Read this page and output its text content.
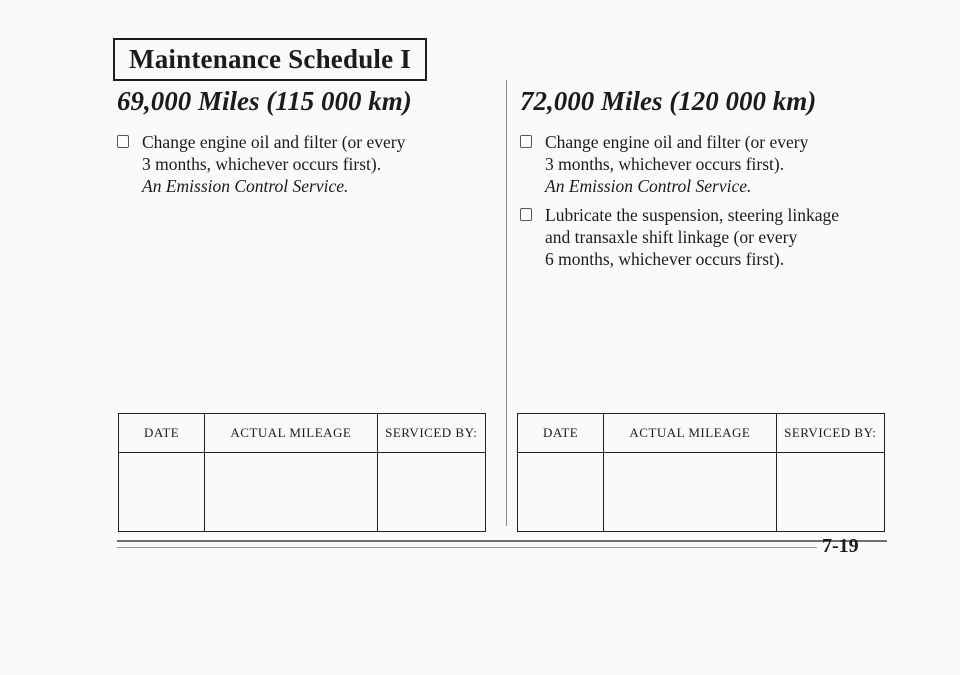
Maintenance Schedule I
69,000 Miles (115 000 km)
Change engine oil and filter (or every
3 months, whichever occurs first).
An Emission Control Service.
72,000 Miles (120 000 km)
Change engine oil and filter (or every
3 months, whichever occurs first).
An Emission Control Service.
Lubricate the suspension, steering linkage
and transaxle shift linkage (or every
6 months, whichever occurs first).
DATE	ACTUAL MILEAGE	SERVICED BY:
			DATE	ACTUAL MILEAGE	SERVICED BY:

7-19
